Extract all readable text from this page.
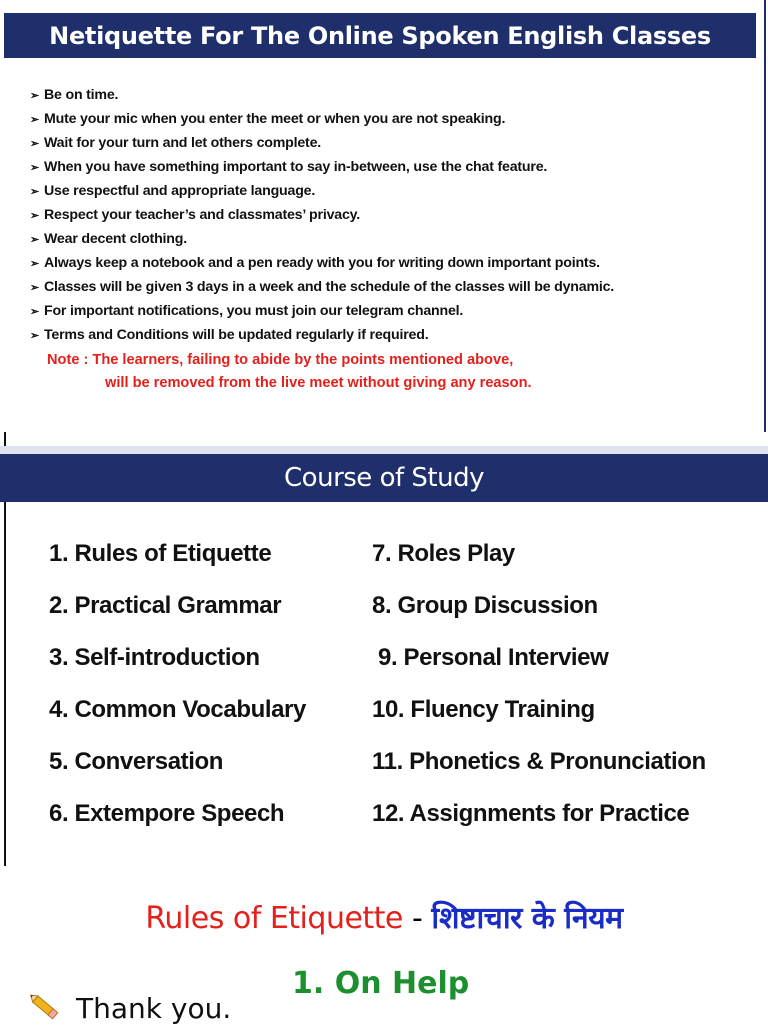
Netiquette For The Online Spoken English Classes
➢ Be on time.
➢ Mute your mic when you enter the meet or when you are not speaking.
➢ Wait for your turn and let others complete.
➢ When you have something important to say in-between, use the chat feature.
➢ Use respectful and appropriate language.
➢ Respect your teacher’s and classmates’ privacy.
➢ Wear decent clothing.
➢ Always keep a notebook and a pen ready with you for writing down important points.
➢ Classes will be given 3 days in a week and the schedule of the classes will be dynamic.
➢ For important notifications, you must join our telegram channel.
➢ Terms and Conditions will be updated regularly if required.
Note : The learners, failing to abide by the points mentioned above,
will be removed from the live meet without giving any reason.
Course of Study
1. Rules of Etiquette
2. Practical Grammar
3. Self-introduction
4. Common Vocabulary
5. Conversation
6. Extempore Speech
7. Roles Play
8. Group Discussion
9. Personal Interview
10. Fluency Training
11. Phonetics & Pronunciation
12. Assignments for Practice
Rules of Etiquette - शिष्टाचार के नियम
1. On Help
Thank you.
